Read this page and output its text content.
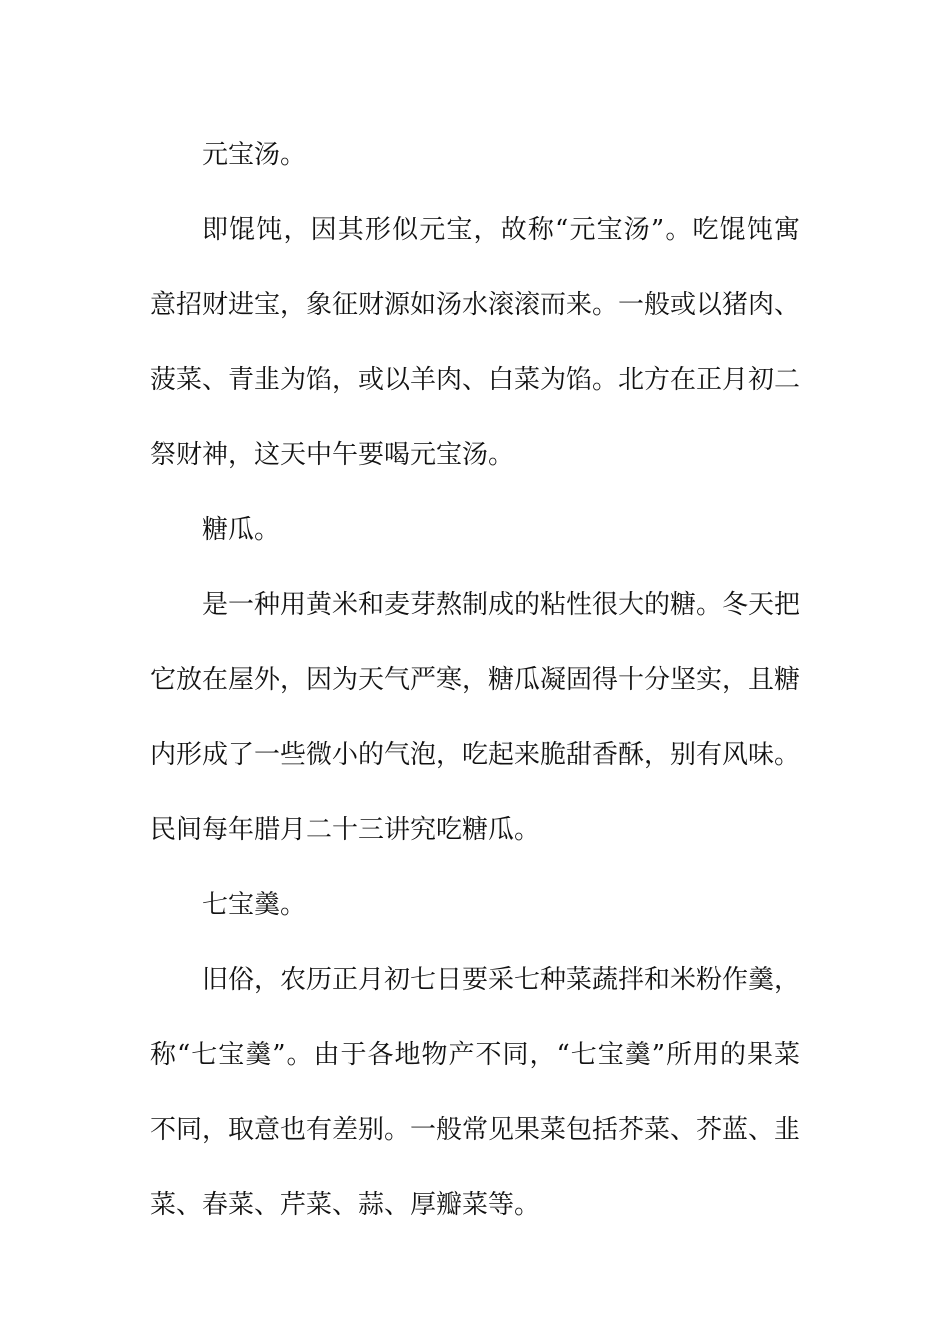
元宝汤。

即馄饨，因其形似元宝，故称“元宝汤”。吃馄饨寓意招财进宝，象征财源如汤水滚滚而来。一般或以猪肉、菠菜、青韭为馅，或以羊肉、白菜为馅。北方在正月初二祭财神，这天中午要喝元宝汤。

糖瓜。

是一种用黄米和麦芽熬制成的粘性很大的糖。冬天把它放在屋外，因为天气严寒，糖瓜凝固得十分坚实，且糖内形成了一些微小的气泡，吃起来脆甜香酥，别有风味。民间每年腊月二十三讲究吃糖瓜。

七宝羹。

旧俗，农历正月初七日要采七种菜蔬拌和米粉作羹，称“七宝羹”。由于各地物产不同，“七宝羹”所用的果菜不同，取意也有差别。一般常见果菜包括芥菜、芥蓝、韭菜、春菜、芹菜、蒜、厚瓣菜等。
